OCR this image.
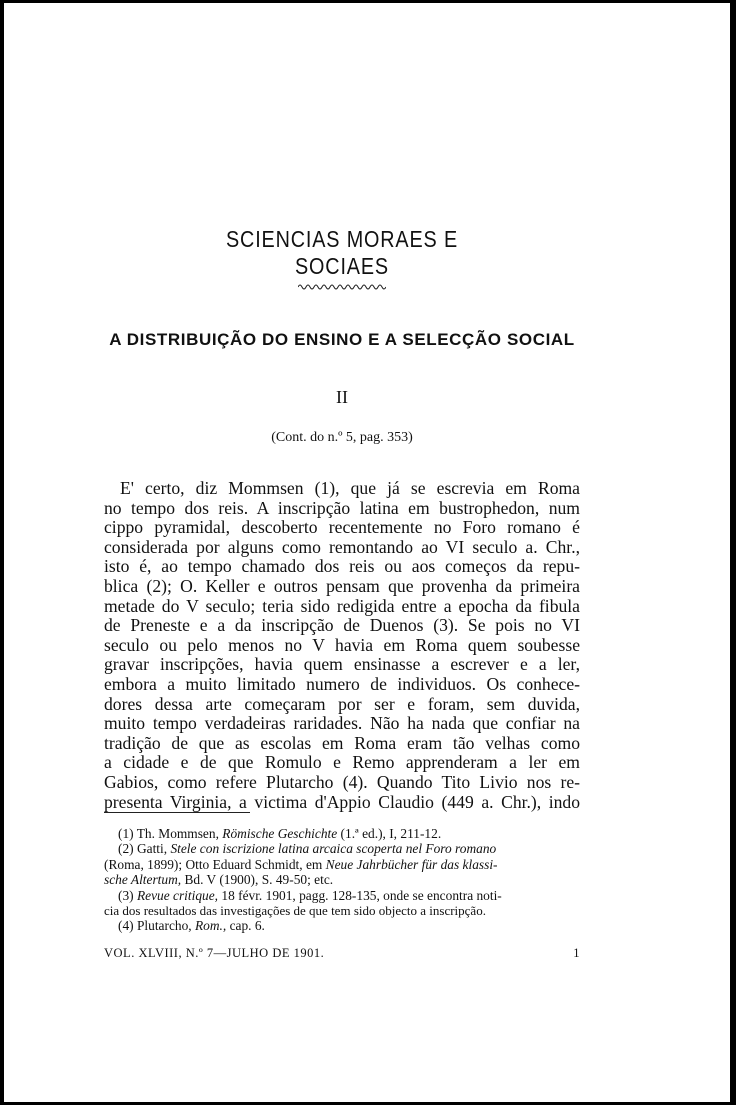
SCIENCIAS MORAES E SOCIAES
A DISTRIBUIÇÃO DO ENSINO E A SELECÇÃO SOCIAL
II
(Cont. do n.º 5, pag. 353)
E' certo, diz Mommsen (1), que já se escrevia em Roma
no tempo dos reis. A inscripção latina em bustrophedon, num
cippo pyramidal, descoberto recentemente no Foro romano é
considerada por alguns como remontando ao VI seculo a. Chr.,
isto é, ao tempo chamado dos reis ou aos começos da repu-
blica (2); O. Keller e outros pensam que provenha da primeira
metade do V seculo; teria sido redigida entre a epocha da fibula
de Preneste e a da inscripção de Duenos (3). Se pois no VI
seculo ou pelo menos no V havia em Roma quem soubesse
gravar inscripções, havia quem ensinasse a escrever e a ler,
embora a muito limitado numero de individuos. Os conhece-
dores dessa arte começaram por ser e foram, sem duvida,
muito tempo verdadeiras raridades. Não ha nada que confiar na
tradição de que as escolas em Roma eram tão velhas como
a cidade e de que Romulo e Remo apprenderam a ler em
Gabios, como refere Plutarcho (4). Quando Tito Livio nos re-
presenta Virginia, a victima d'Appio Claudio (449 a. Chr.), indo
(1) Th. Mommsen, Römische Geschichte (1.ª ed.), I, 211-12.
(2) Gatti, Stele con iscrizione latina arcaica scoperta nel Foro romano
(Roma, 1899); Otto Eduard Schmidt, em Neue Jahrbücher für das klassi-
sche Altertum, Bd. V (1900), S. 49-50; etc.
(3) Revue critique, 18 févr. 1901, pagg. 128-135, onde se encontra noti-
cia dos resultados das investigações de que tem sido objecto a inscripção.
(4) Plutarcho, Rom., cap. 6.
VOL. XLVIII, N.º 7—JULHO DE 1901.	1
